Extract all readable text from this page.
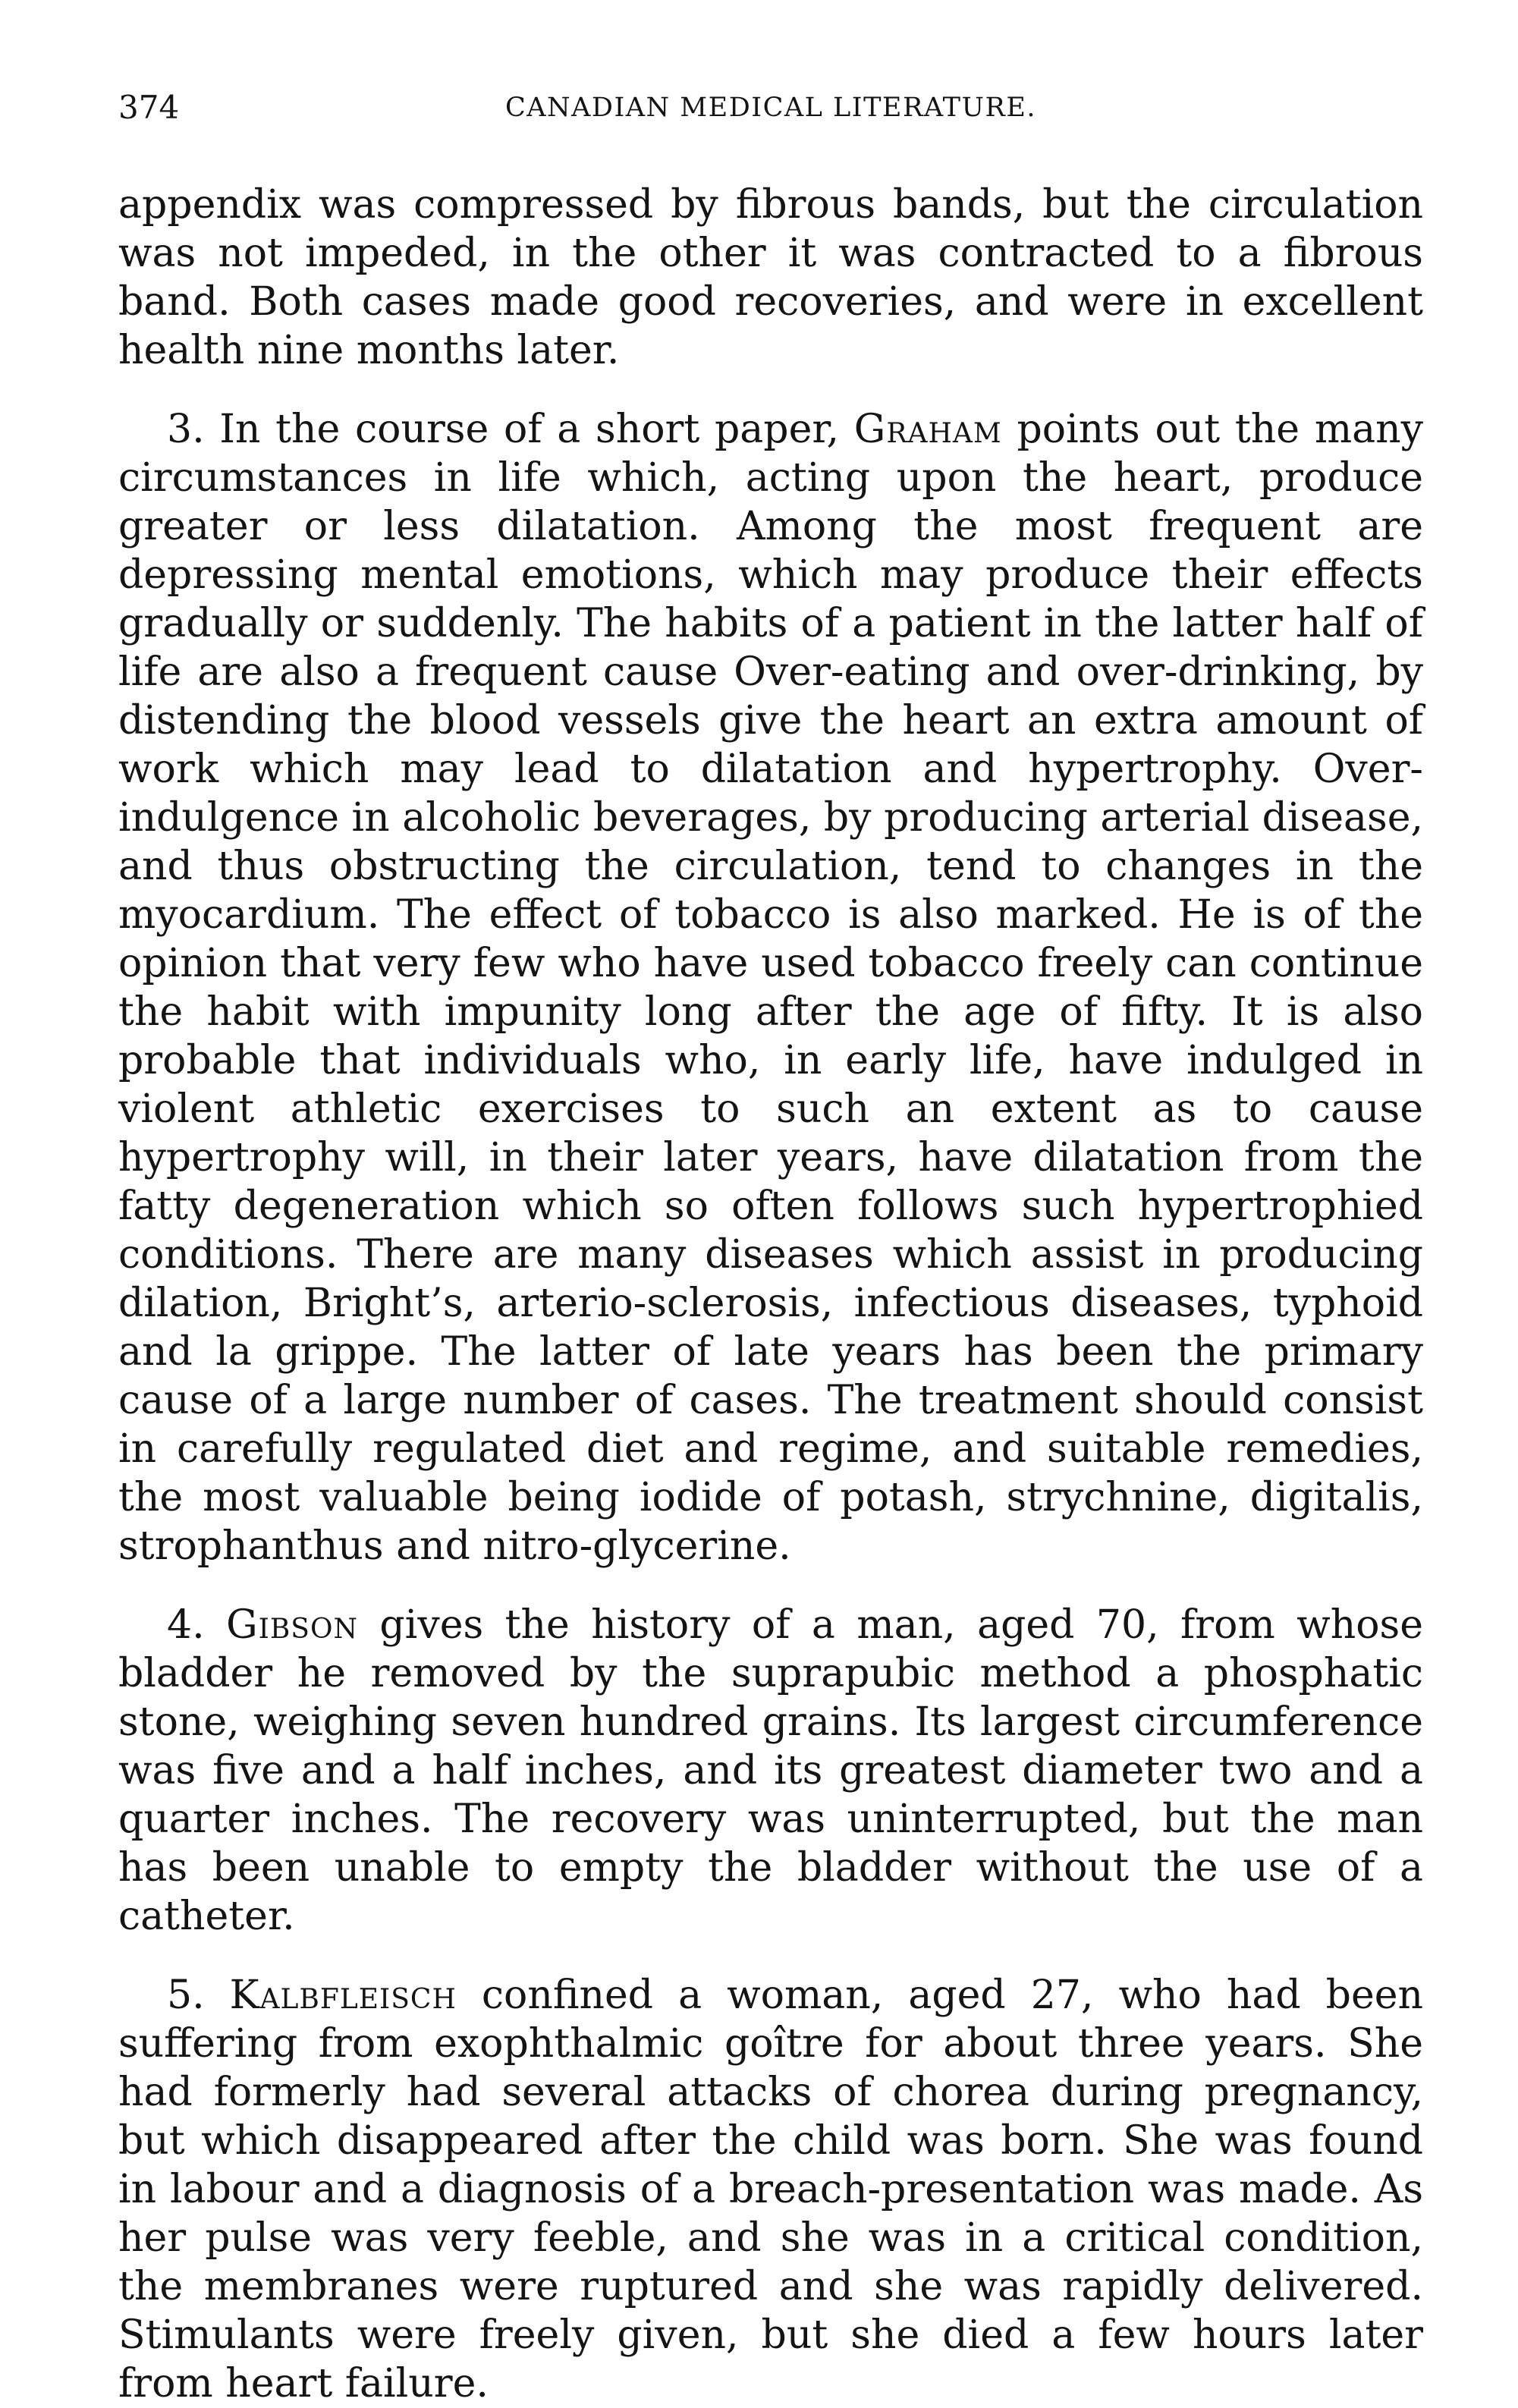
374	CANADIAN MEDICAL LITERATURE.

appendix was compressed by fibrous bands, but the circulation was not impeded, in the other it was contracted to a fibrous band. Both cases made good recoveries, and were in excellent health nine months later.

3. In the course of a short paper, Graham points out the many circumstances in life which, acting upon the heart, produce greater or less dilatation. Among the most frequent are depressing mental emotions, which may produce their effects gradually or suddenly. The habits of a patient in the latter half of life are also a frequent cause Over-eating and over-drinking, by distending the blood vessels give the heart an extra amount of work which may lead to dilatation and hypertrophy. Over-indulgence in alcoholic beverages, by producing arterial disease, and thus obstructing the circulation, tend to changes in the myocardium. The effect of tobacco is also marked. He is of the opinion that very few who have used tobacco freely can continue the habit with impunity long after the age of fifty. It is also probable that individuals who, in early life, have indulged in violent athletic exercises to such an extent as to cause hypertrophy will, in their later years, have dilatation from the fatty degeneration which so often follows such hypertrophied conditions. There are many diseases which assist in producing dilation, Bright’s, arterio-sclerosis, infectious diseases, typhoid and la grippe. The latter of late years has been the primary cause of a large number of cases. The treatment should consist in carefully regulated diet and regime, and suitable remedies, the most valuable being iodide of potash, strychnine, digitalis, strophanthus and nitro-glycerine.

4. Gibson gives the history of a man, aged 70, from whose bladder he removed by the suprapubic method a phosphatic stone, weighing seven hundred grains. Its largest circumference was five and a half inches, and its greatest diameter two and a quarter inches. The recovery was uninterrupted, but the man has been unable to empty the bladder without the use of a catheter.

5. Kalbfleisch confined a woman, aged 27, who had been suffering from exophthalmic goître for about three years. She had formerly had several attacks of chorea during pregnancy, but which disappeared after the child was born. She was found in labour and a diagnosis of a breach-presentation was made. As her pulse was very feeble, and she was in a critical condition, the membranes were ruptured and she was rapidly delivered. Stimulants were freely given, but she died a few hours later from heart failure.
